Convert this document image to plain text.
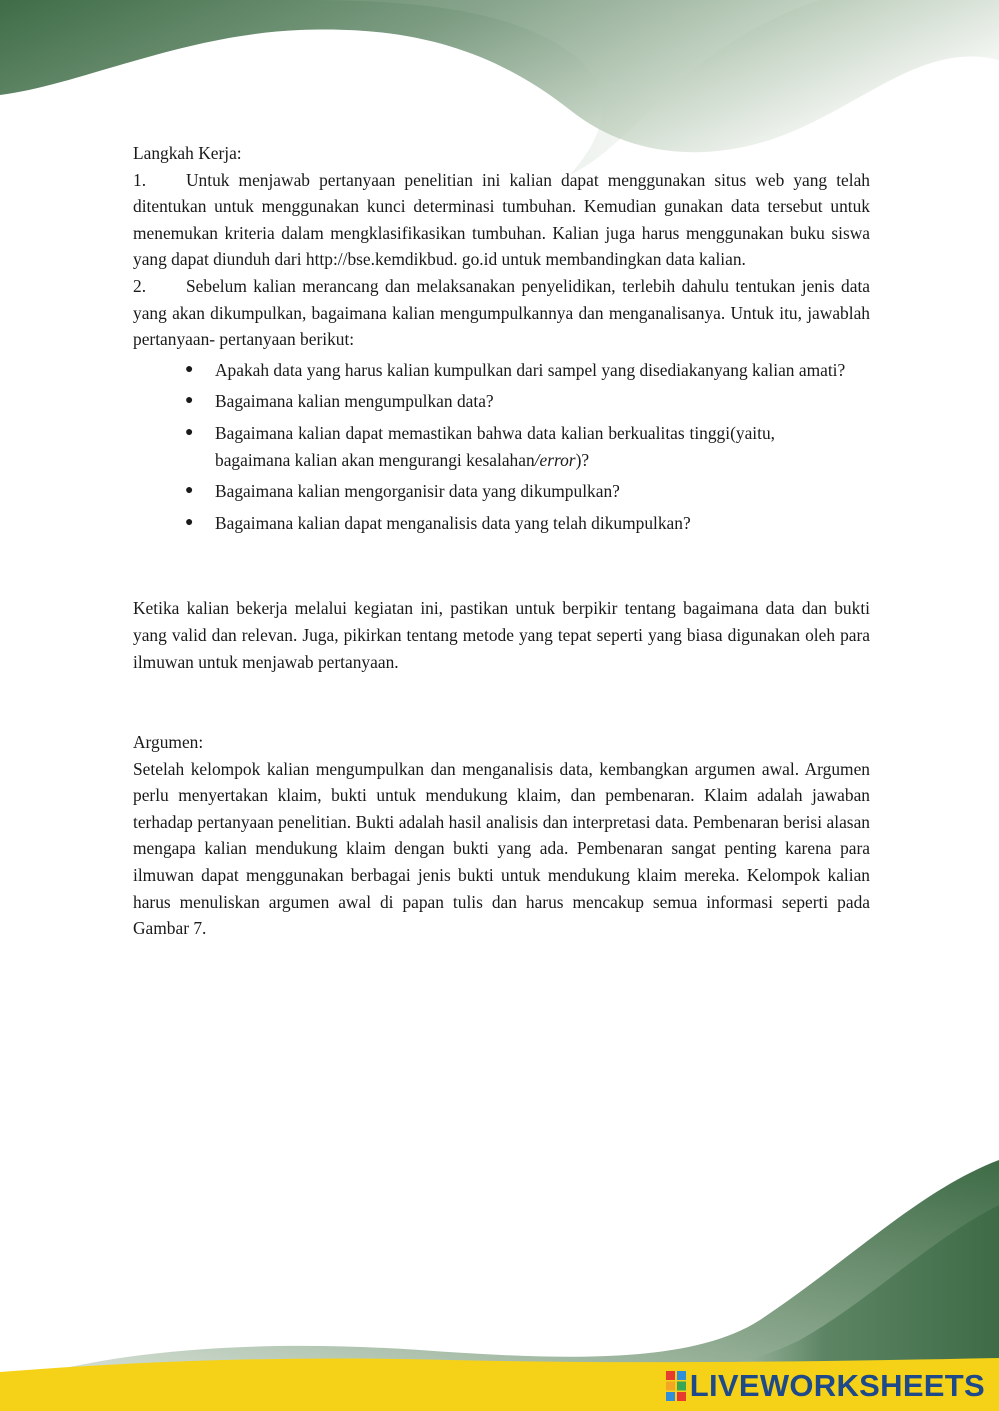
Langkah Kerja:

1. Untuk menjawab pertanyaan penelitian ini kalian dapat menggunakan situs web yang telah ditentukan untuk menggunakan kunci determinasi tumbuhan. Kemudian gunakan data tersebut untuk menemukan kriteria dalam mengklasifikasikan tumbuhan. Kalian juga harus menggunakan buku siswa yang dapat diunduh dari http://bse.kemdikbud. go.id untuk membandingkan data kalian.

2. Sebelum kalian merancang dan melaksanakan penyelidikan, terlebih dahulu tentukan jenis data yang akan dikumpulkan, bagaimana kalian mengumpulkannya dan menganalisanya. Untuk itu, jawablah pertanyaan- pertanyaan berikut:

● Apakah data yang harus kalian kumpulkan dari sampel yang disediakanyang kalian amati?
● Bagaimana kalian mengumpulkan data?
● Bagaimana kalian dapat memastikan bahwa data kalian berkualitas tinggi(yaitu, bagaimana kalian akan mengurangi kesalahan/error)?
● Bagaimana kalian mengorganisir data yang dikumpulkan?
● Bagaimana kalian dapat menganalisis data yang telah dikumpulkan?

Ketika kalian bekerja melalui kegiatan ini, pastikan untuk berpikir tentang bagaimana data dan bukti yang valid dan relevan. Juga, pikirkan tentang metode yang tepat seperti yang biasa digunakan oleh para ilmuwan untuk menjawab pertanyaan.

Argumen:

Setelah kelompok kalian mengumpulkan dan menganalisis data, kembangkan argumen awal. Argumen perlu menyertakan klaim, bukti untuk mendukung klaim, dan pembenaran. Klaim adalah jawaban terhadap pertanyaan penelitian. Bukti adalah hasil analisis dan interpretasi data. Pembenaran berisi alasan mengapa kalian mendukung klaim dengan bukti yang ada. Pembenaran sangat penting karena para ilmuwan dapat menggunakan berbagai jenis bukti untuk mendukung klaim mereka. Kelompok kalian harus menuliskan argumen awal di papan tulis dan harus mencakup semua informasi seperti pada Gambar 7.

LIVEWORKSHEETS
